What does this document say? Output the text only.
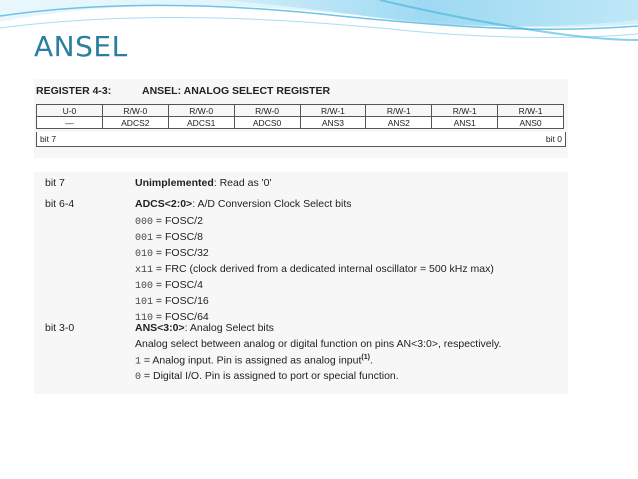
ANSEL
REGISTER 4-3:	ANSEL: ANALOG SELECT REGISTER
U-0	R/W-0	R/W-0	R/W-0	R/W-1	R/W-1	R/W-1	R/W-1
—	ADCS2	ADCS1	ADCS0	ANS3	ANS2	ANS1	ANS0
bit 7	bit 0
bit 7	Unimplemented: Read as '0'
bit 6-4	ADCS<2:0>: A/D Conversion Clock Select bits
000 = FOSC/2
001 = FOSC/8
010 = FOSC/32
x11 = FRC (clock derived from a dedicated internal oscillator = 500 kHz max)
100 = FOSC/4
101 = FOSC/16
110 = FOSC/64
bit 3-0	ANS<3:0>: Analog Select bits
Analog select between analog or digital function on pins AN<3:0>, respectively.
1 = Analog input. Pin is assigned as analog input$^{(1)}$.
0 = Digital I/O. Pin is assigned to port or special function.
